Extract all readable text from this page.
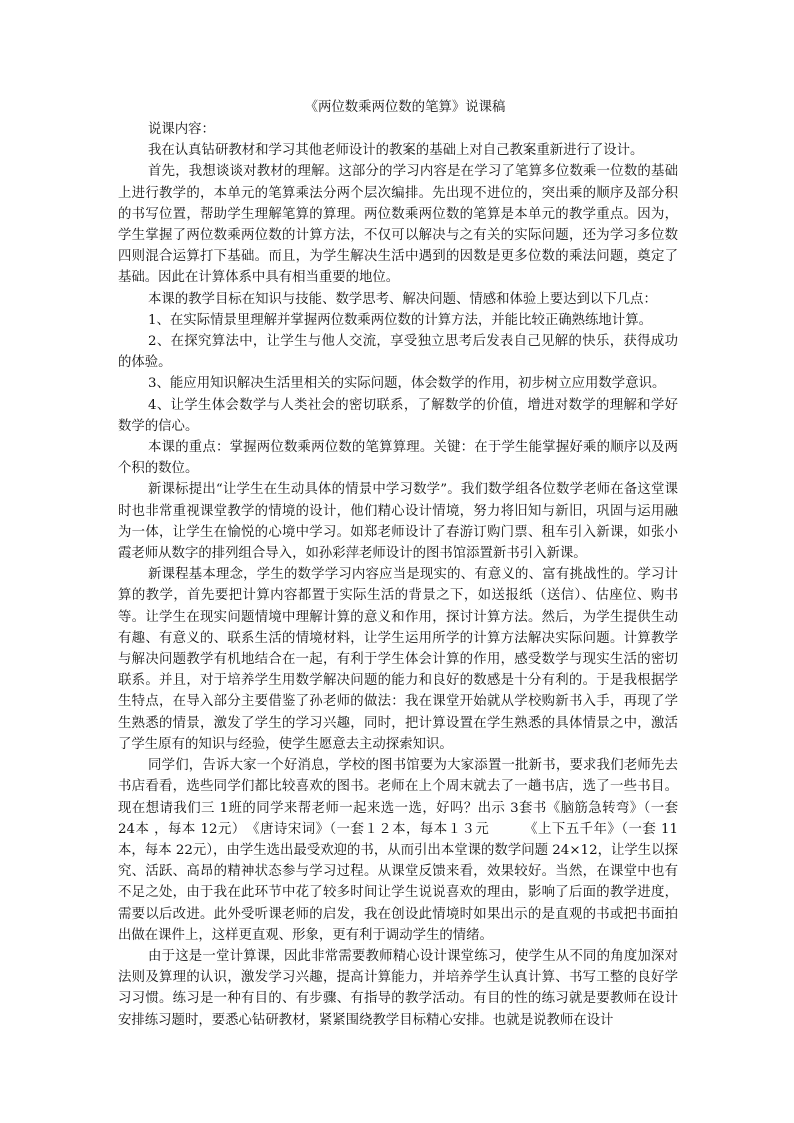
《两位数乘两位数的笔算》说课稿

说课内容：

我在认真钻研教材和学习其他老师设计的教案的基础上对自己教案重新进行了设计。

首先，我想谈谈对教材的理解。这部分的学习内容是在学习了笔算多位数乘一位数的基础上进行教学的，本单元的笔算乘法分两个层次编排。先出现不进位的，突出乘的顺序及部分积的书写位置，帮助学生理解笔算的算理。两位数乘两位数的笔算是本单元的教学重点。因为，学生掌握了两位数乘两位数的计算方法，不仅可以解决与之有关的实际问题，还为学习多位数四则混合运算打下基础。而且，为学生解决生活中遇到的因数是更多位数的乘法问题，奠定了基础。因此在计算体系中具有相当重要的地位。

本课的教学目标在知识与技能、数学思考、解决问题、情感和体验上要达到以下几点：

1、在实际情景里理解并掌握两位数乘两位数的计算方法，并能比较正确熟练地计算。

2、在探究算法中，让学生与他人交流，享受独立思考后发表自己见解的快乐，获得成功的体验。

3、能应用知识解决生活里相关的实际问题，体会数学的作用，初步树立应用数学意识。

4、让学生体会数学与人类社会的密切联系，了解数学的价值，增进对数学的理解和学好数学的信心。

本课的重点：掌握两位数乘两位数的笔算算理。关键：在于学生能掌握好乘的顺序以及两个积的数位。

新课标提出“让学生在生动具体的情景中学习数学”。我们数学组各位数学老师在备这堂课时也非常重视课堂教学的情境的设计，他们精心设计情境，努力将旧知与新旧，巩固与运用融为一体，让学生在愉悦的心境中学习。如郑老师设计了春游订购门票、租车引入新课，如张小霞老师从数字的排列组合导入，如孙彩萍老师设计的图书馆添置新书引入新课。

新课程基本理念，学生的数学学习内容应当是现实的、有意义的、富有挑战性的。学习计算的教学，首先要把计算内容都置于实际生活的背景之下，如送报纸（送信）、估座位、购书等。让学生在现实问题情境中理解计算的意义和作用，探讨计算方法。然后，为学生提供生动有趣、有意义的、联系生活的情境材料，让学生运用所学的计算方法解决实际问题。计算教学与解决问题教学有机地结合在一起，有利于学生体会计算的作用，感受数学与现实生活的密切联系。并且，对于培养学生用数学解决问题的能力和良好的数感是十分有利的。于是我根据学生特点，在导入部分主要借鉴了孙老师的做法：我在课堂开始就从学校购新书入手，再现了学生熟悉的情景，激发了学生的学习兴趣，同时，把计算设置在学生熟悉的具体情景之中，激活了学生原有的知识与经验，使学生愿意去主动探索知识。

同学们，告诉大家一个好消息，学校的图书馆要为大家添置一批新书，要求我们老师先去书店看看，选些同学们都比较喜欢的图书。老师在上个周末就去了一趟书店，选了一些书目。现在想请我们三 1班的同学来帮老师一起来选一选，好吗？出示 3套书《脑筋急转弯》（一套 24本 ，每本 12元）　《唐诗宋词》（一套１２本，每本１３元　　　《上下五千年》（一套 11本，每本 22元），由学生选出最受欢迎的书，从而引出本堂课的数学问题 24×12，让学生以探究、活跃、高昂的精神状态参与学习过程。从课堂反馈来看，效果较好。当然，在课堂中也有不足之处，由于我在此环节中花了较多时间让学生说说喜欢的理由，影响了后面的教学进度，需要以后改进。此外受听课老师的启发，我在创设此情境时如果出示的是直观的书或把书面拍出做在课件上，这样更直观、形象，更有利于调动学生的情绪。

由于这是一堂计算课，因此非常需要教师精心设计课堂练习，使学生从不同的角度加深对法则及算理的认识，激发学习兴趣，提高计算能力，并培养学生认真计算、书写工整的良好学习习惯。练习是一种有目的、有步骤、有指导的教学活动。有目的性的练习就是要教师在设计安排练习题时，要悉心钻研教材，紧紧围绕教学目标精心安排。也就是说教师在设计
